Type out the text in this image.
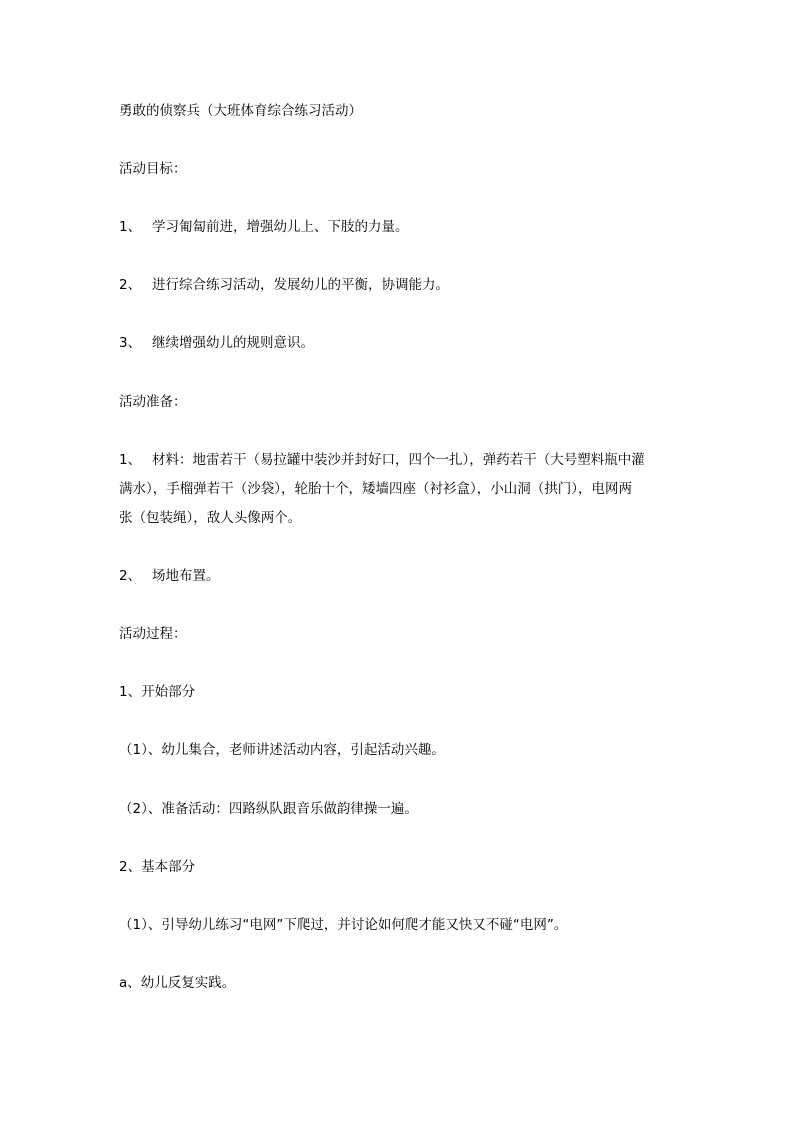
勇敢的侦察兵（大班体育综合练习活动）
活动目标：
1、 学习匍匐前进，增强幼儿上、下肢的力量。
2、 进行综合练习活动，发展幼儿的平衡，协调能力。
3、 继续增强幼儿的规则意识。
活动准备：
1、 材料：地雷若干（易拉罐中装沙并封好口，四个一扎），弹药若干（大号塑料瓶中灌
满水），手榴弹若干（沙袋），轮胎十个，矮墙四座（衬衫盒），小山洞（拱门），电网两
张（包装绳），敌人头像两个。
2、 场地布置。
活动过程：
1、开始部分
（1）、幼儿集合，老师讲述活动内容，引起活动兴趣。
（2）、准备活动：四路纵队跟音乐做韵律操一遍。
2、基本部分
（1）、引导幼儿练习“电网”下爬过，并讨论如何爬才能又快又不碰“电网”。
a、幼儿反复实践。
